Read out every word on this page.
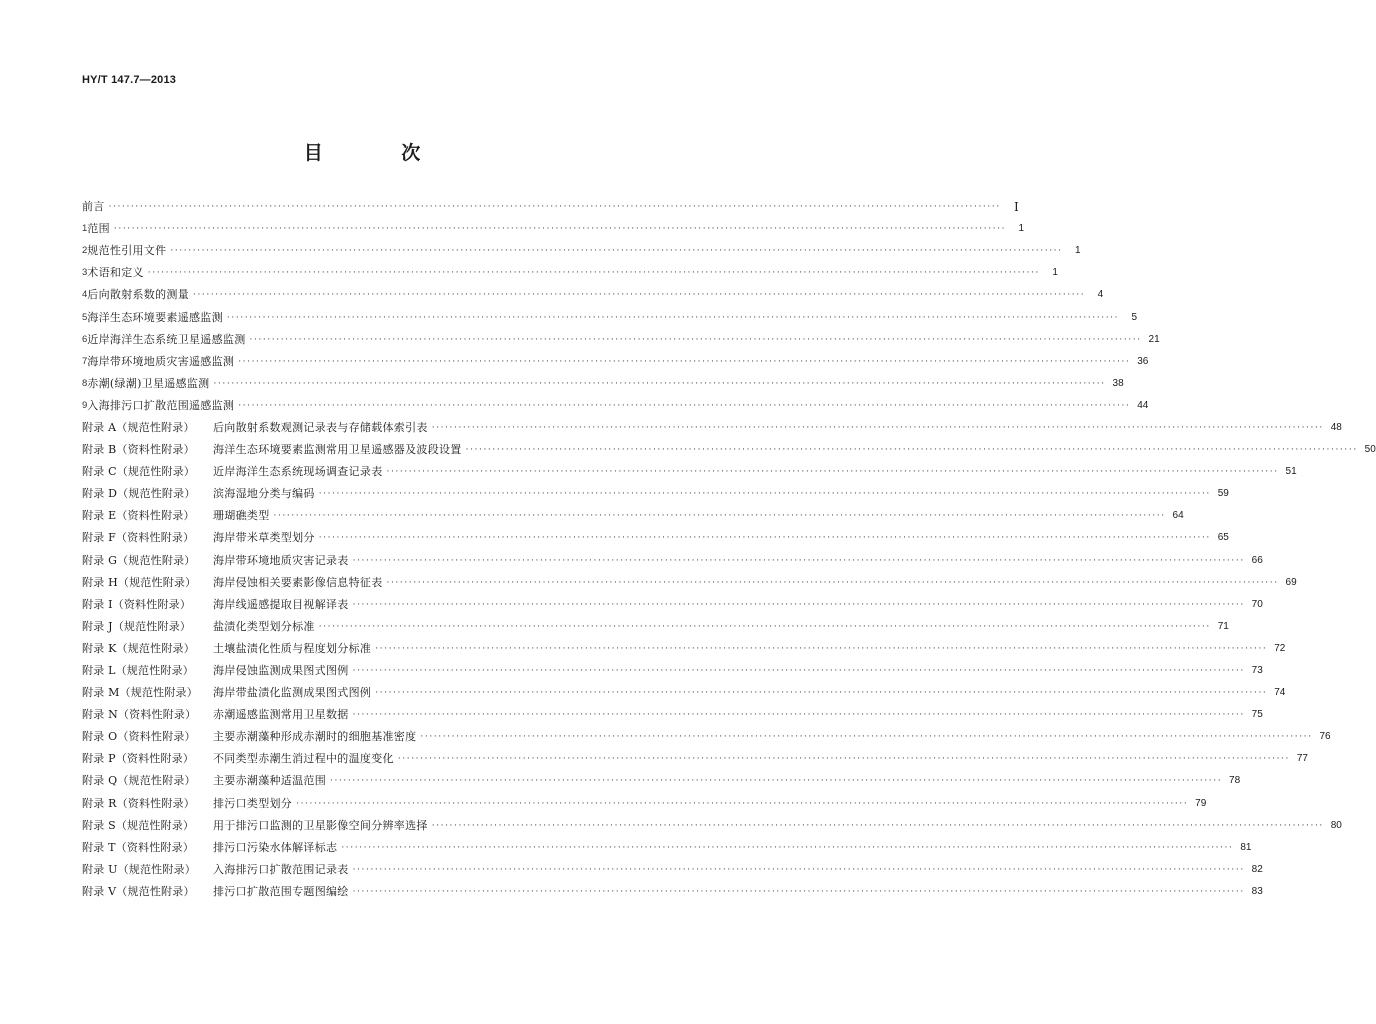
HY/T 147.7—2013
目 次
前言 ········································································································································································································	Ⅰ
1 范围 ········································································································································································································	1
2 规范性引用文件 ········································································································································································································	1
3 术语和定义 ········································································································································································································	1
4 后向散射系数的测量 ········································································································································································································	4
5 海洋生态环境要素遥感监测 ········································································································································································································	5
6 近岸海洋生态系统卫星遥感监测 ········································································································································································································ 21
7 海岸带环境地质灾害遥感监测 ········································································································································································································ 36
8 赤潮(绿潮)卫星遥感监测 ········································································································································································································ 38
9 入海排污口扩散范围遥感监测 ········································································································································································································ 44
附录 A（规范性附录）	后向散射系数观测记录表与存储载体索引表 ········································································································································································································ 48
附录 B（资料性附录）	海洋生态环境要素监测常用卫星遥感器及波段设置 ········································································································································································································ 50
附录 C（规范性附录）	近岸海洋生态系统现场调查记录表 ········································································································································································································ 51
附录 D（规范性附录）	滨海湿地分类与编码 ········································································································································································································ 59
附录 E（资料性附录）	珊瑚礁类型 ········································································································································································································ 64
附录 F（资料性附录）	海岸带米草类型划分 ········································································································································································································ 65
附录 G（规范性附录）	海岸带环境地质灾害记录表 ········································································································································································································ 66
附录 H（规范性附录）	海岸侵蚀相关要素影像信息特征表 ········································································································································································································ 69
附录 I（资料性附录）	海岸线遥感提取目视解译表 ········································································································································································································ 70
附录 J（规范性附录）	盐渍化类型划分标准 ········································································································································································································ 71
附录 K（规范性附录）	土壤盐渍化性质与程度划分标准 ········································································································································································································ 72
附录 L（规范性附录）	海岸侵蚀监测成果图式图例 ········································································································································································································ 73
附录 M（规范性附录）	海岸带盐渍化监测成果图式图例 ········································································································································································································ 74
附录 N（资料性附录）	赤潮遥感监测常用卫星数据 ········································································································································································································ 75
附录 O（资料性附录）	主要赤潮藻种形成赤潮时的细胞基准密度 ········································································································································································································ 76
附录 P（资料性附录）	不同类型赤潮生消过程中的温度变化 ········································································································································································································ 77
附录 Q（规范性附录）	主要赤潮藻种适温范围 ········································································································································································································ 78
附录 R（资料性附录）	排污口类型划分 ········································································································································································································ 79
附录 S（规范性附录）	用于排污口监测的卫星影像空间分辨率选择 ········································································································································································································ 80
附录 T（资料性附录）	排污口污染水体解译标志 ········································································································································································································ 81
附录 U（规范性附录）	入海排污口扩散范围记录表 ········································································································································································································ 82
附录 V（规范性附录）	排污口扩散范围专题图编绘 ········································································································································································································ 83
